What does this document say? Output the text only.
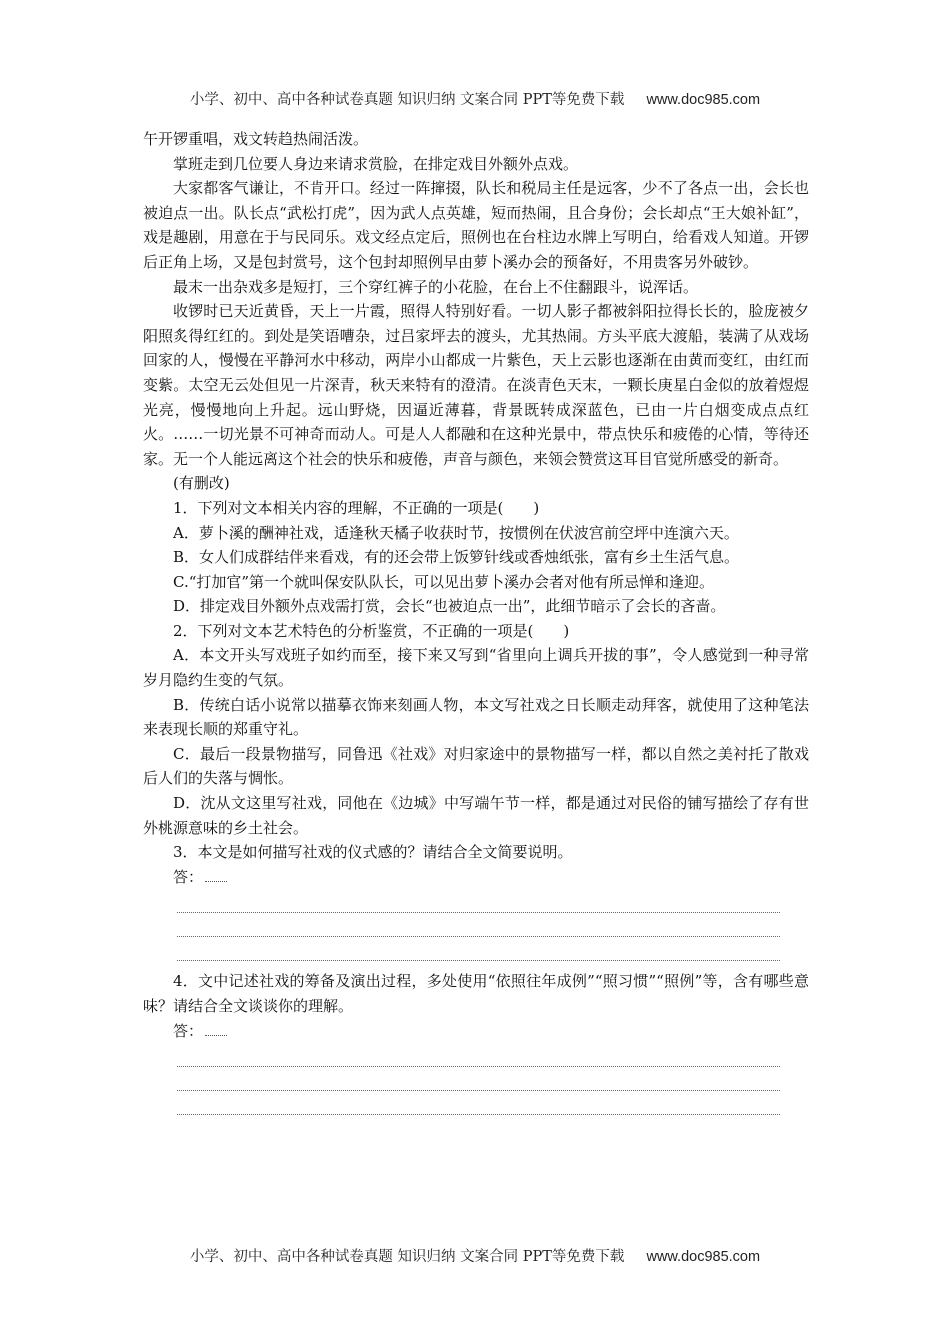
小学、初中、高中各种试卷真题 知识归纳 文案合同 PPT等免费下载 www.doc985.com

午开锣重唱，戏文转趋热闹活泼。

掌班走到几位要人身边来请求赏脸，在排定戏目外额外点戏。

大家都客气谦让，不肯开口。经过一阵撺掇，队长和税局主任是远客，少不了各点一出，会长也被迫点一出。队长点“武松打虎”，因为武人点英雄，短而热闹，且合身份；会长却点“王大娘补缸”，戏是趣剧，用意在于与民同乐。戏文经点定后，照例也在台柱边水牌上写明白，给看戏人知道。开锣后正角上场，又是包封赏号，这个包封却照例早由萝卜溪办会的预备好，不用贵客另外破钞。

最末一出杂戏多是短打，三个穿红裤子的小花脸，在台上不住翻跟斗，说浑话。

收锣时已天近黄昏，天上一片霞，照得人特别好看。一切人影子都被斜阳拉得长长的，脸庞被夕阳照炙得红红的。到处是笑语嘈杂，过吕家坪去的渡头，尤其热闹。方头平底大渡船，装满了从戏场回家的人，慢慢在平静河水中移动，两岸小山都成一片紫色，天上云影也逐渐在由黄而变红，由红而变紫。太空无云处但见一片深青，秋天来特有的澄清。在淡青色天末，一颗长庚星白金似的放着煜煜光亮，慢慢地向上升起。远山野烧，因逼近薄暮，背景既转成深蓝色，已由一片白烟变成点点红火。……一切光景不可神奇而动人。可是人人都融和在这种光景中，带点快乐和疲倦的心情，等待还家。无一个人能远离这个社会的快乐和疲倦，声音与颜色，来领会赞赏这耳目官觉所感受的新奇。

(有删改)

1．下列对文本相关内容的理解，不正确的一项是(　　)

A．萝卜溪的酬神社戏，适逢秋天橘子收获时节，按惯例在伏波宫前空坪中连演六天。

B．女人们成群结伴来看戏，有的还会带上饭箩针线或香烛纸张，富有乡土生活气息。

C.“打加官”第一个就叫保安队队长，可以见出萝卜溪办会者对他有所忌惮和逢迎。

D．排定戏目外额外点戏需打赏，会长“也被迫点一出”，此细节暗示了会长的吝啬。

2．下列对文本艺术特色的分析鉴赏，不正确的一项是(　　)

A．本文开头写戏班子如约而至，接下来又写到“省里向上调兵开拔的事”，令人感觉到一种寻常岁月隐约生变的气氛。

B．传统白话小说常以描摹衣饰来刻画人物，本文写社戏之日长顺走动拜客，就使用了这种笔法来表现长顺的郑重守礼。

C．最后一段景物描写，同鲁迅《社戏》对归家途中的景物描写一样，都以自然之美衬托了散戏后人们的失落与惆怅。

D．沈从文这里写社戏，同他在《边城》中写端午节一样，都是通过对民俗的铺写描绘了存有世外桃源意味的乡土社会。

3．本文是如何描写社戏的仪式感的？请结合全文简要说明。

答：

4．文中记述社戏的筹备及演出过程，多处使用“依照往年成例”“照习惯”“照例”等，含有哪些意味？请结合全文谈谈你的理解。

答：

小学、初中、高中各种试卷真题 知识归纳 文案合同 PPT等免费下载 www.doc985.com
